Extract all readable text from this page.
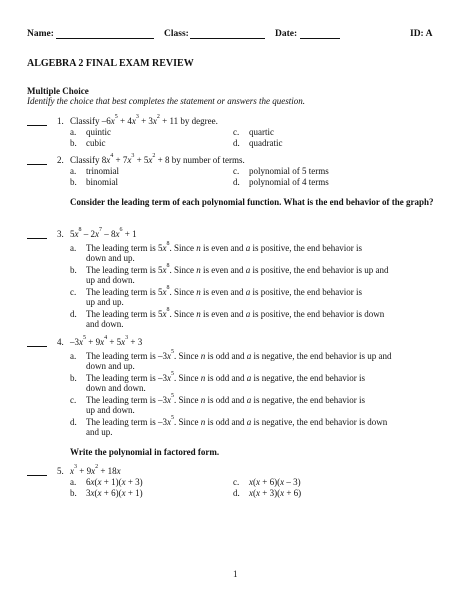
Name:	Class:	Date:	ID: A
ALGEBRA 2 FINAL EXAM REVIEW
Multiple Choice
Identify the choice that best completes the statement or answers the question.
1. Classify $-6x^5 + 4x^3 + 3x^2 + 11$ by degree.
a. quintic
b. cubic
c. quartic
d. quadratic
2. Classify $8x^4 + 7x^3 + 5x^2 + 8$ by number of terms.
a. trinomial
b. binomial
c. polynomial of 5 terms
d. polynomial of 4 terms
Consider the leading term of each polynomial function. What is the end behavior of the graph?
3. $5x^8 - 2x^7 - 8x^6 + 1$
a. The leading term is $5x^8$. Since n is even and a is positive, the end behavior is
down and up.
b. The leading term is $5x^8$. Since n is even and a is positive, the end behavior is up and
up and down.
c. The leading term is $5x^8$. Since n is even and a is positive, the end behavior is
up and up.
d. The leading term is $5x^8$. Since n is even and a is positive, the end behavior is down
and down.
4. $-3x^5 + 9x^4 + 5x^3 + 3$
a. The leading term is $-3x^5$. Since n is odd and a is negative, the end behavior is up and
down and up.
b. The leading term is $-3x^5$. Since n is odd and a is negative, the end behavior is
down and down.
c. The leading term is $-3x^5$. Since n is odd and a is negative, the end behavior is
up and down.
d. The leading term is $-3x^5$. Since n is odd and a is negative, the end behavior is down
and up.
Write the polynomial in factored form.
5. $x^3 + 9x^2 + 18x$
a. 6x(x + 1)(x + 3)
b. 3x(x + 6)(x + 1)
c. x(x + 6)(x – 3)
d. x(x + 3)(x + 6)
1
